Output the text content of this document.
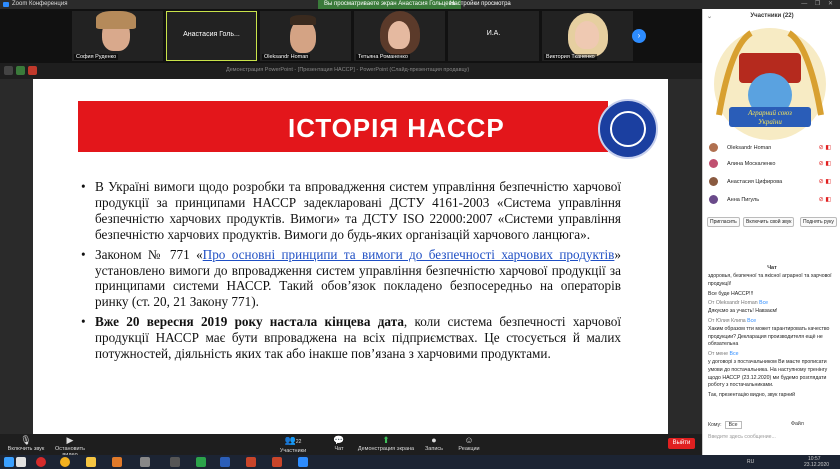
Zoom Конференция	Вы просматриваете экран Анастасия Гольцева
Настройки просмотра	— ❐ ✕
София Руденко
Анастасия Голь...
Oleksandr Homan	Тетьяна Романенко
И.А.
Виктория Тканенко
›
Демонстрация PowerPoint - [Презентация HACCP] - PowerPoint (Слайд-презентация продавцу)
ІСТОРІЯ HACCP
• В Україні вимоги щодо розробки та впровадження систем управління безпечністю харчової продукції за принципами НАССР задекларовані ДСТУ 4161-2003 «Система управління безпечністю харчових продуктів. Вимоги» та ДСТУ ISO 22000:2007 «Системи управління безпечністю харчових продуктів. Вимоги до будь-яких організацій харчового ланцюга».
• Законом № 771 «Про основні принципи та вимоги до безпечності харчових продуктів» установлено вимоги до впровадження систем управління безпечністю харчової продукції за принципами системи НАССР. Такий обов’язок покладено безпосередньо на операторів ринку (ст. 20, 21 Закону 771).
• Вже 20 вересня 2019 року настала кінцева дата, коли система безпечності харчової продукції НАССР має бути впроваджена на всіх підприємствах. Це стосується й малих потужностей, діяльність яких так або інакше пов’язана з харчовими продуктами.
🎙
Включить звук
▶
Остановить
👥22
Участники
💬
Чат
⬆
Демонстрация экрана
●
Запись
☺
Реакции
Выйти
⌄	Участники (22)
Аграрний союз
України
Oleksandr Homan	⊘ ◧
Алина Москаленко	⊘ ◧
Анастасия Цифирова	⊘ ◧
Анна Пигуль	⊘ ◧
Пригласить	Включить свой звук	Поднять руку
Чат
здоровья, безпечної та якісної аграрної та харчової продукції!
Все буде НАССР!!!
От Oleksandr Homan Все
Дякуємо за участь! Навзаєм!
От Юлия Клипа Все
Хаким образом тти может гарантировать качество продукции? Декларация производителя ещё не обязательна
От мене Все
у договорі з постачальником Ви маєте прописати умови до постачальника. На наступному тренінгу щодо НАССР (23.12.2020) ми будемо розглядати роботу з постачальниками.
Так, презентацію видно, звук гарний
Кому: Все	Файл
Введите здесь сообщение...
RU	10:57
23.12.2020
